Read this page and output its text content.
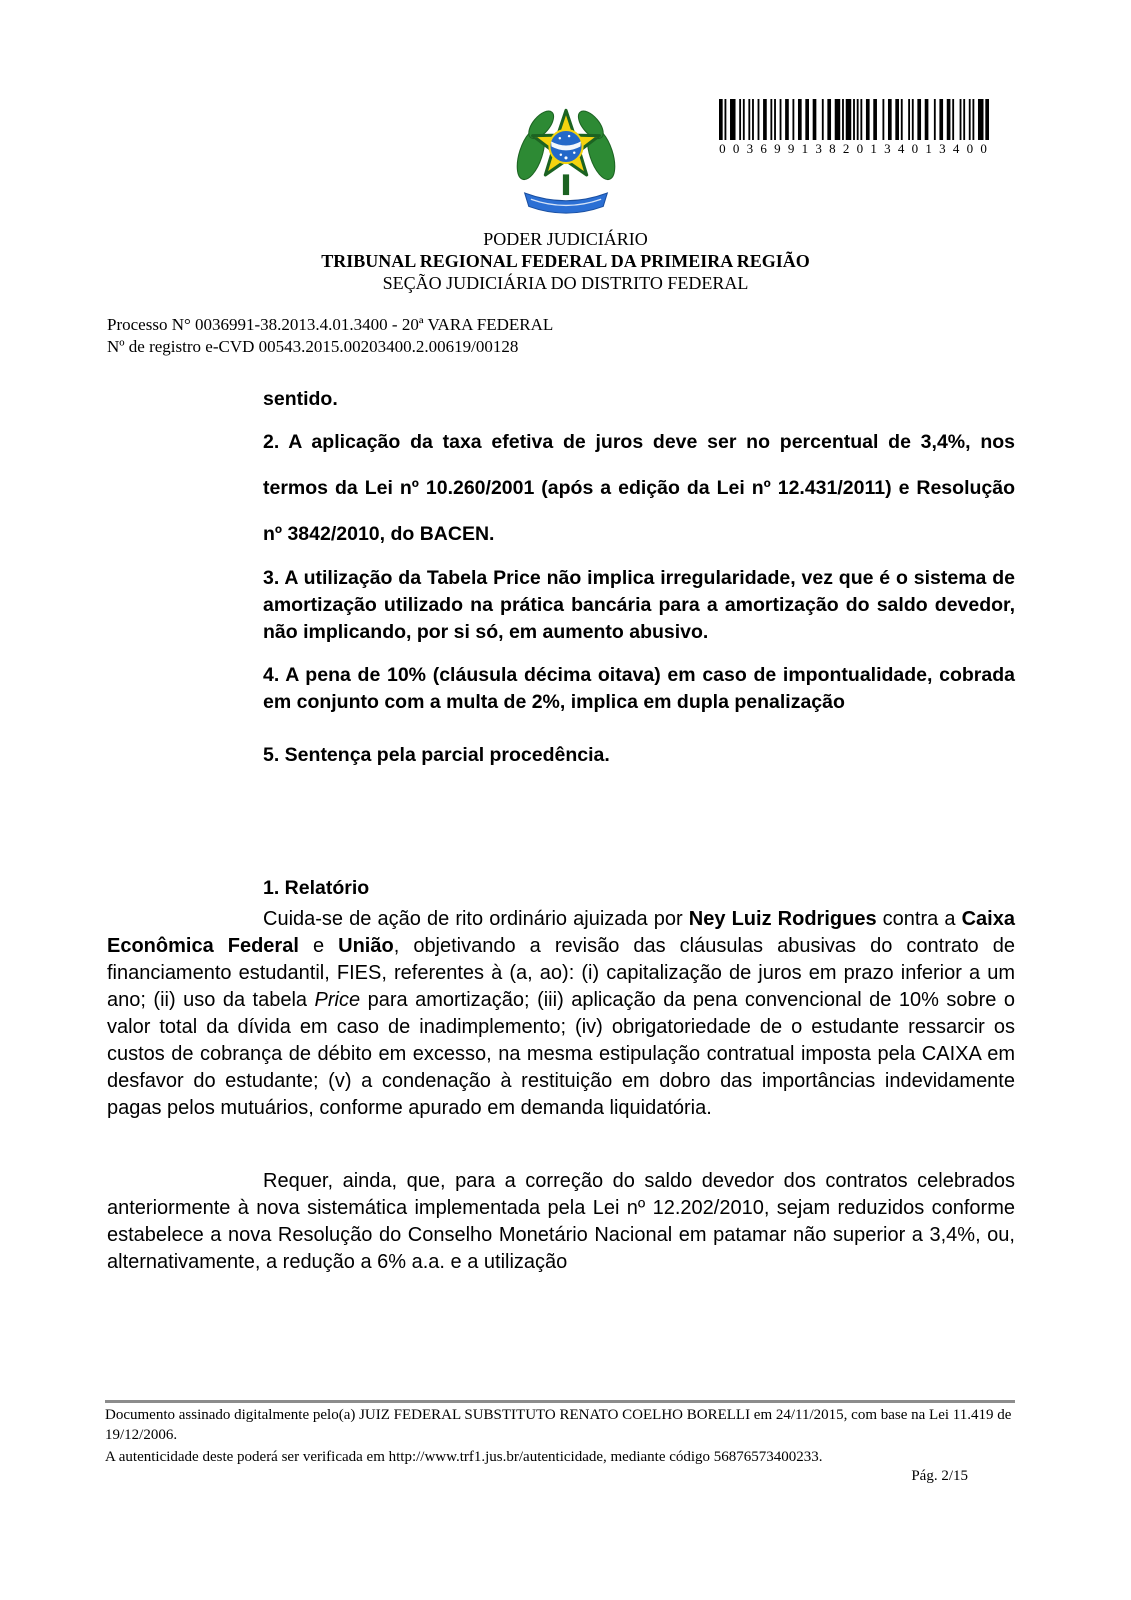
0 0 3 6 9 9 1 3 8 2 0 1 3 4 0 1 3 4 0 0
PODER JUDICIÁRIO
TRIBUNAL REGIONAL FEDERAL DA PRIMEIRA REGIÃO
SEÇÃO JUDICIÁRIA DO DISTRITO FEDERAL
Processo N° 0036991-38.2013.4.01.3400 - 20ª VARA FEDERAL
Nº de registro e-CVD 00543.2015.00203400.2.00619/00128

sentido.

2. A aplicação da taxa efetiva de juros deve ser no percentual de 3,4%, nos termos da Lei nº 10.260/2001 (após a edição da Lei nº 12.431/2011) e Resolução nº 3842/2010, do BACEN.

3. A utilização da Tabela Price não implica irregularidade, vez que é o sistema de amortização utilizado na prática bancária para a amortização do saldo devedor, não implicando, por si só, em aumento abusivo.

4. A pena de 10% (cláusula décima oitava) em caso de impontualidade, cobrada em conjunto com a multa de 2%, implica em dupla penalização

5. Sentença pela parcial procedência.

1. Relatório

Cuida-se de ação de rito ordinário ajuizada por Ney Luiz Rodrigues contra a Caixa Econômica Federal e União, objetivando a revisão das cláusulas abusivas do contrato de financiamento estudantil, FIES, referentes à (a, ao): (i) capitalização de juros em prazo inferior a um ano; (ii) uso da tabela Price para amortização; (iii) aplicação da pena convencional de 10% sobre o valor total da dívida em caso de inadimplemento; (iv) obrigatoriedade de o estudante ressarcir os custos de cobrança de débito em excesso, na mesma estipulação contratual imposta pela CAIXA em desfavor do estudante; (v) a condenação à restituição em dobro das importâncias indevidamente pagas pelos mutuários, conforme apurado em demanda liquidatória.

Requer, ainda, que, para a correção do saldo devedor dos contratos celebrados anteriormente à nova sistemática implementada pela Lei nº 12.202/2010, sejam reduzidos conforme estabelece a nova Resolução do Conselho Monetário Nacional em patamar não superior a 3,4%, ou, alternativamente, a redução a 6% a.a. e a utilização

Documento assinado digitalmente pelo(a) JUIZ FEDERAL SUBSTITUTO RENATO COELHO BORELLI em 24/11/2015, com base na Lei 11.419 de 19/12/2006.

A autenticidade deste poderá ser verificada em http://www.trf1.jus.br/autenticidade, mediante código 56876573400233.

Pág. 2/15
